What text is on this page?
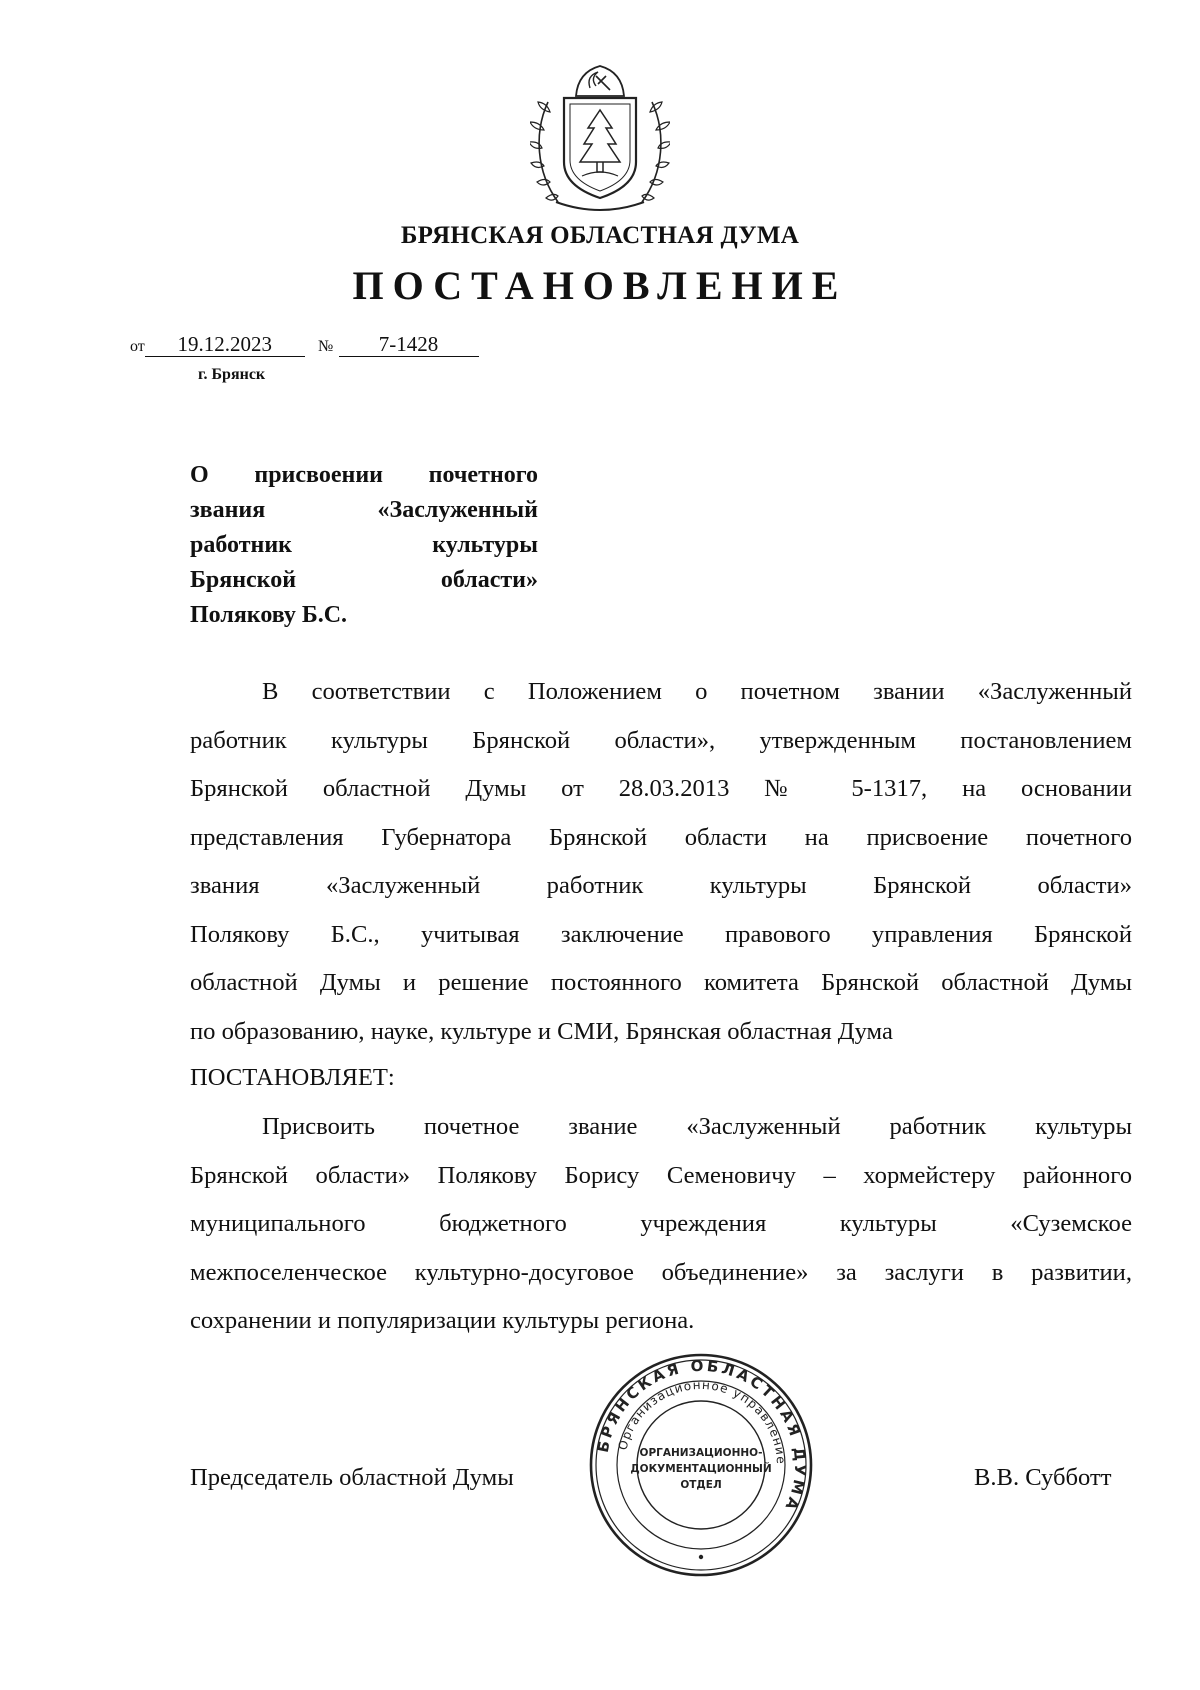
БРЯНСКАЯ ОБЛАСТНАЯ ДУМА
ПОСТАНОВЛЕНИЕ
от 19.12.2023	№ 7-1428
г. Брянск
О присвоении почетного
звания «Заслуженный
работник культуры
Брянской области»
Полякову Б.С.
В соответствии с Положением о почетном звании «Заслуженный
работник культуры Брянской области», утвержденным постановлением
Брянской областной Думы от 28.03.2013 № 5-1317, на основании
представления Губернатора Брянской области на присвоение почетного
звания «Заслуженный работник культуры Брянской области»
Полякову Б.С., учитывая заключение правового управления Брянской
областной Думы и решение постоянного комитета Брянской областной Думы
по образованию, науке, культуре и СМИ, Брянская областная Дума
ПОСТАНОВЛЯЕТ:
Присвоить почетное звание «Заслуженный работник культуры
Брянской области» Полякову Борису Семеновичу – хормейстеру районного
муниципального бюджетного учреждения культуры «Суземское
межпоселенческое культурно-досуговое объединение» за заслуги в развитии,
сохранении и популяризации культуры региона.
Председатель областной Думы	В.В. Субботт
БРЯНСКАЯ ОБЛАСТНАЯ ДУМА
Организационное управление
ОРГАНИЗАЦИОННО-
ДОКУМЕНТАЦИОННЫЙ
ОТДЕЛ
